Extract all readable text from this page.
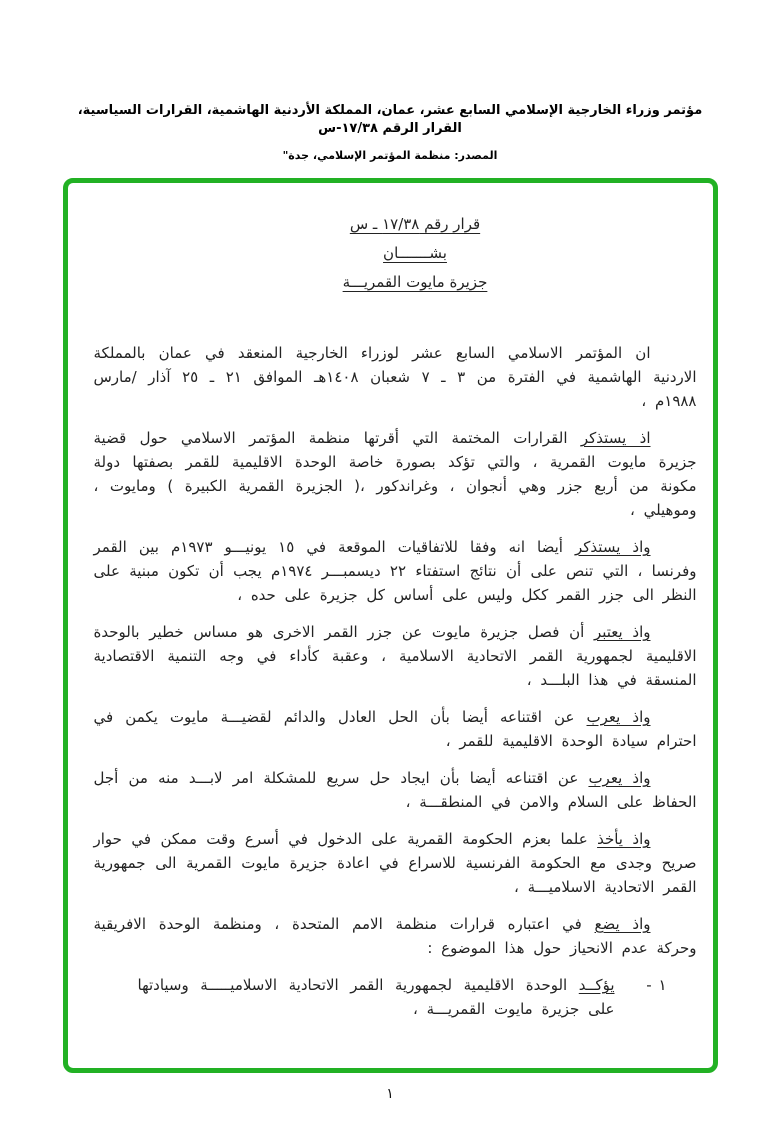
مؤتمر وزراء الخارجية الإسلامي السابع عشر، عمان، المملكة الأردنية الهاشمية، القرارات السياسية، القرار الرقم ١٧/٣٨-س
المصدر: منظمة المؤتمر الإسلامي، جدة"
قرار رقم ١٧/٣٨ ـ س بشـــــــان جزيرة مايوت القمريـــة

ان المؤتمر الاسلامي السابع عشر لوزراء الخارجية المنعقد في عمان بالمملكة الاردنية الهاشمية في الفترة من ٣ ـ ٧ شعبان ١٤٠٨هـ الموافق ٢١ ـ ٢٥ آذار /مارس ١٩٨٨م ،

اذ يستذكر القرارات المختمة التي أقرتها منظمة المؤتمر الاسلامي حول قضية جزيرة مايوت القمرية ، والتي تؤكد بصورة خاصة الوحدة الاقليمية للقمر بصفتها دولة مكونة من أربع جزر وهي أنجوان ، وغراندكور ،( الجزيرة القمرية الكبيرة ) ومايوت ، وموهيلي ،

واذ يستذكر أيضا انه وفقا للاتفاقيات الموقعة في ١٥ يونيـــو ١٩٧٣م بين القمر وفرنسا ، التي تنص على أن نتائج استفتاء ٢٢ ديسمبـــر ١٩٧٤م يجب أن تكون مبنية على النظر الى جزر القمر ككل وليس على أساس كل جزيرة على حده ،

واذ يعتبر أن فصل جزيرة مايوت عن جزر القمر الاخرى هو مساس خطير بالوحدة الاقليمية لجمهورية القمر الاتحادية الاسلامية ، وعقبة كأداء في وجه التنمية الاقتصادية المنسقة في هذا البلـــد ،

واذ يعرب عن اقتناعه أيضا بأن الحل العادل والدائم لقضيـــة مايوت يكمن في احترام سيادة الوحدة الاقليمية للقمر ،

واذ يعرب عن اقتناعه أيضا بأن ايجاد حل سريع للمشكلة امر لابـــد منه من أجل الحفاظ على السلام والامن في المنطقـــة ،

واذ يأخذ علما بعزم الحكومة القمرية على الدخول في أسرع وقت ممكن في حوار صريح وجدى مع الحكومة الفرنسية للاسراع في اعادة جزيرة مايوت القمرية الى جمهورية القمر الاتحادية الاسلاميـــة ،

واذ يضع في اعتباره قرارات منظمة الامم المتحدة ، ومنظمة الوحدة الافريقية وحركة عدم الانحياز حول هذا الموضوع :

١ -
يؤكــد الوحدة الاقليمية لجمهورية القمر الاتحادية الاسلاميـــــة وسيادتها على جزيرة مايوت القمريـــة ،
١
